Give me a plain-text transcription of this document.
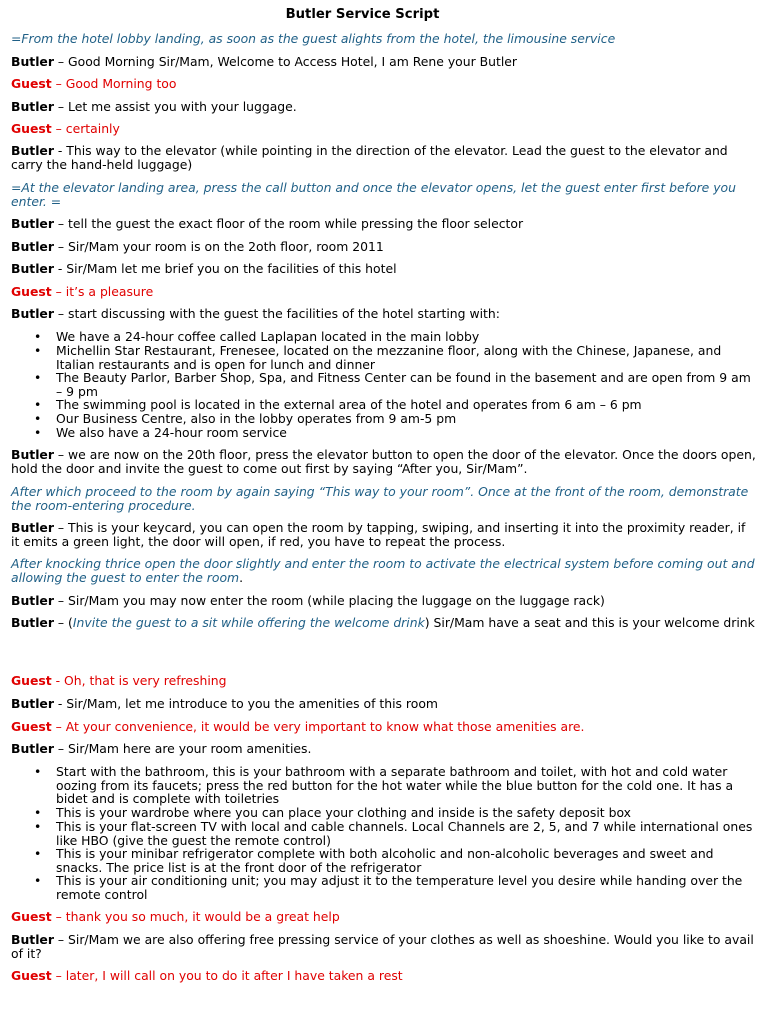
Butler Service Script

=From the hotel lobby landing, as soon as the guest alights from the hotel, the limousine service

Butler – Good Morning Sir/Mam, Welcome to Access Hotel, I am Rene your Butler

Guest – Good Morning too

Butler – Let me assist you with your luggage.

Guest – certainly

Butler - This way to the elevator (while pointing in the direction of the elevator. Lead the guest to the elevator and carry the hand-held luggage)

=At the elevator landing area, press the call button and once the elevator opens, let the guest enter first before you enter. =

Butler – tell the guest the exact floor of the room while pressing the floor selector

Butler – Sir/Mam your room is on the 2oth floor, room 2011

Butler - Sir/Mam let me brief you on the facilities of this hotel

Guest – it’s a pleasure

Butler – start discussing with the guest the facilities of the hotel starting with:

• We have a 24-hour coffee called Laplapan located in the main lobby

• Michellin Star Restaurant, Frenesee, located on the mezzanine floor, along with the Chinese, Japanese, and Italian restaurants and is open for lunch and dinner

• The Beauty Parlor, Barber Shop, Spa, and Fitness Center can be found in the basement and are open from 9 am – 9 pm

• The swimming pool is located in the external area of the hotel and operates from 6 am – 6 pm

• Our Business Centre, also in the lobby operates from 9 am-5 pm

• We also have a 24-hour room service

Butler – we are now on the 20th floor, press the elevator button to open the door of the elevator. Once the doors open, hold the door and invite the guest to come out first by saying “After you, Sir/Mam”.

After which proceed to the room by again saying “This way to your room”. Once at the front of the room, demonstrate the room-entering procedure.

Butler – This is your keycard, you can open the room by tapping, swiping, and inserting it into the proximity reader, if it emits a green light, the door will open, if red, you have to repeat the process.

After knocking thrice open the door slightly and enter the room to activate the electrical system before coming out and allowing the guest to enter the room.

Butler – Sir/Mam you may now enter the room (while placing the luggage on the luggage rack)

Butler – (Invite the guest to a sit while offering the welcome drink) Sir/Mam have a seat and this is your welcome drink

Guest - Oh, that is very refreshing

Butler - Sir/Mam, let me introduce to you the amenities of this room

Guest – At your convenience, it would be very important to know what those amenities are.

Butler – Sir/Mam here are your room amenities.

• Start with the bathroom, this is your bathroom with a separate bathroom and toilet, with hot and cold water oozing from its faucets; press the red button for the hot water while the blue button for the cold one. It has a bidet and is complete with toiletries

• This is your wardrobe where you can place your clothing and inside is the safety deposit box

• This is your flat-screen TV with local and cable channels. Local Channels are 2, 5, and 7 while international ones like HBO (give the guest the remote control)

• This is your minibar refrigerator complete with both alcoholic and non-alcoholic beverages and sweet and snacks. The price list is at the front door of the refrigerator

• This is your air conditioning unit; you may adjust it to the temperature level you desire while handing over the remote control

Guest – thank you so much, it would be a great help

Butler – Sir/Mam we are also offering free pressing service of your clothes as well as shoeshine. Would you like to avail of it?

Guest – later, I will call on you to do it after I have taken a rest
